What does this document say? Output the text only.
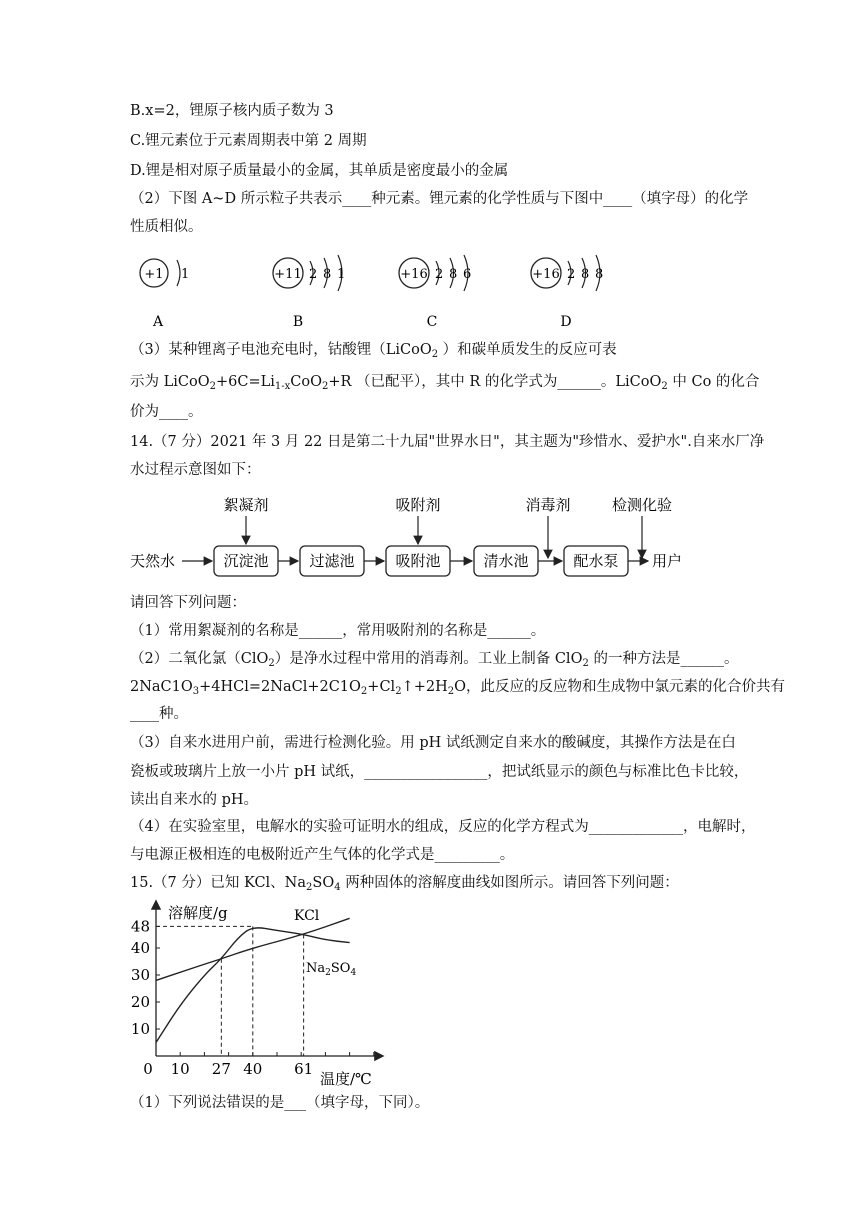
B.x=2，锂原子核内质子数为 3
C.锂元素位于元素周期表中第 2 周期
D.锂是相对原子质量最小的金属，其单质是密度最小的金属
（2）下图 A~D 所示粒子共表示____种元素。锂元素的化学性质与下图中____（填字母）的化学
性质相似。
+1 1
A
+11 2 8 1
B
+16 2 8 6
C
+16 2 8 8
D
（3）某种锂离子电池充电时，钴酸锂（LiCoO$_2$ ）和碳单质发生的反应可表
示为 $LiCoO_2+6C=Li_{1-x}CoO_2+R$ （已配平），其中 R 的化学式为______。LiCoO$_2$ 中 Co 的化合
价为____。
14.（7 分）2021 年 3 月 22 日是第二十九届"世界水日"，其主题为"珍惜水、爱护水".自来水厂净
水过程示意图如下：
天然水	沉淀池	过滤池	吸附池	清水池	配水泵 用户
絮凝剂	吸附剂	消毒剂	检测化验
请回答下列问题：
（1）常用絮凝剂的名称是______，常用吸附剂的名称是______。
（2）二氧化氯（ClO$_2$）是净水过程中常用的消毒剂。工业上制备 ClO$_2$ 的一种方法是______。
$2NaC1O_3+4HCl=2NaCl+2C1O_2+Cl_2↑+2H_2O$，此反应的反应物和生成物中氯元素的化合价共有
____种。
（3）自来水进用户前，需进行检测化验。用 pH 试纸测定自来水的酸碱度，其操作方法是在白
瓷板或玻璃片上放一小片 pH 试纸，_________________，把试纸显示的颜色与标准比色卡比较，
读出自来水的 pH。
（4）在实验室里，电解水的实验可证明水的组成，反应的化学方程式为_____________，电解时，
与电源正极相连的电极附近产生气体的化学式是_________。
15.（7 分）已知 KCl、$Na_2SO_4$ 两种固体的溶解度曲线如图所示。请回答下列问题：
10
20
30
40
48
0 10 27 40 61
溶解度/g
温度/℃
KCl
$Na_2SO_4$
（1）下列说法错误的是___（填字母，下同）。
